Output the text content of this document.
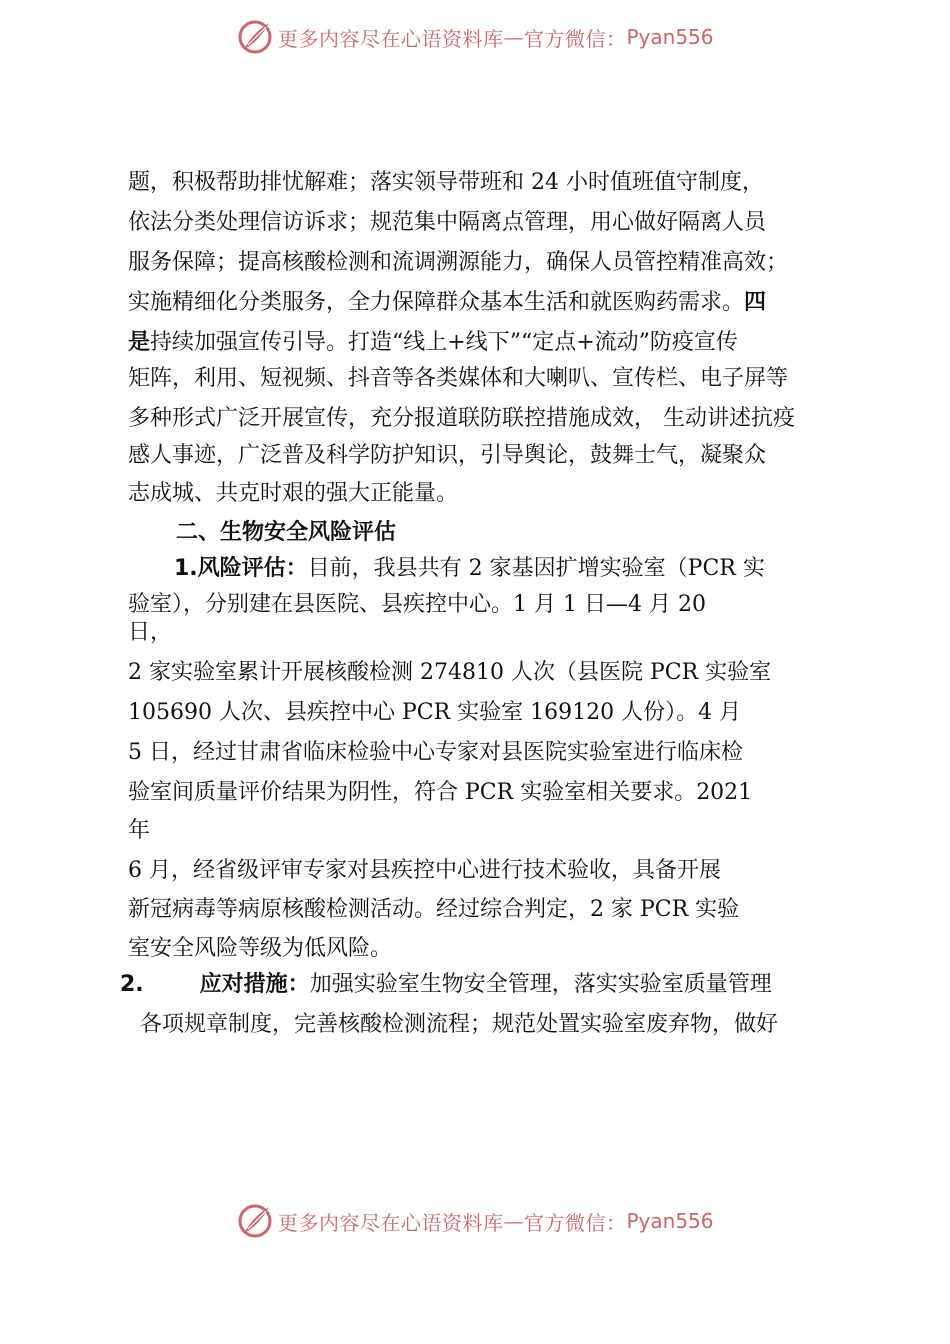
更多内容尽在心语资料库 — 官方微信： Pyan556
题，积极帮助排忧解难；落实领导带班和 24 小时值班值守制度，
依法分类处理信访诉求；规范集中隔离点管理，用心做好隔离人员
服务保障；提高核酸检测和流调溯源能力，确保人员管控精准高效；
实施精细化分类服务，全力保障群众基本生活和就医购药需求。四
是持续加强宣传引导。打造“线上+线下”“定点+流动”防疫宣传
矩阵，利用、短视频、抖音等各类媒体和大喇叭、宣传栏、电子屏等
多种形式广泛开展宣传，充分报道联防联控措施成效， 生动讲述抗疫
感人事迹，广泛普及科学防护知识，引导舆论，鼓舞士气，凝聚众
志成城、共克时艰的强大正能量。
二、生物安全风险评估
1.风险评估：目前，我县共有 2 家基因扩增实验室（PCR 实
验室），分别建在县医院、县疾控中心。1 月 1 日—4 月 20
日，
2 家实验室累计开展核酸检测 274810 人次（县医院 PCR 实验室
105690 人次、县疾控中心 PCR 实验室 169120 人份）。4 月
5 日，经过甘肃省临床检验中心专家对县医院实验室进行临床检
验室间质量评价结果为阴性，符合 PCR 实验室相关要求。2021
年
6 月，经省级评审专家对县疾控中心进行技术验收，具备开展
新冠病毒等病原核酸检测活动。经过综合判定，2 家 PCR 实验
室安全风险等级为低风险。
2.	应对措施：加强实验室生物安全管理，落实实验室质量管理
各项规章制度，完善核酸检测流程；规范处置实验室废弃物，做好
更多内容尽在心语资料库 — 官方微信： Pyan556
